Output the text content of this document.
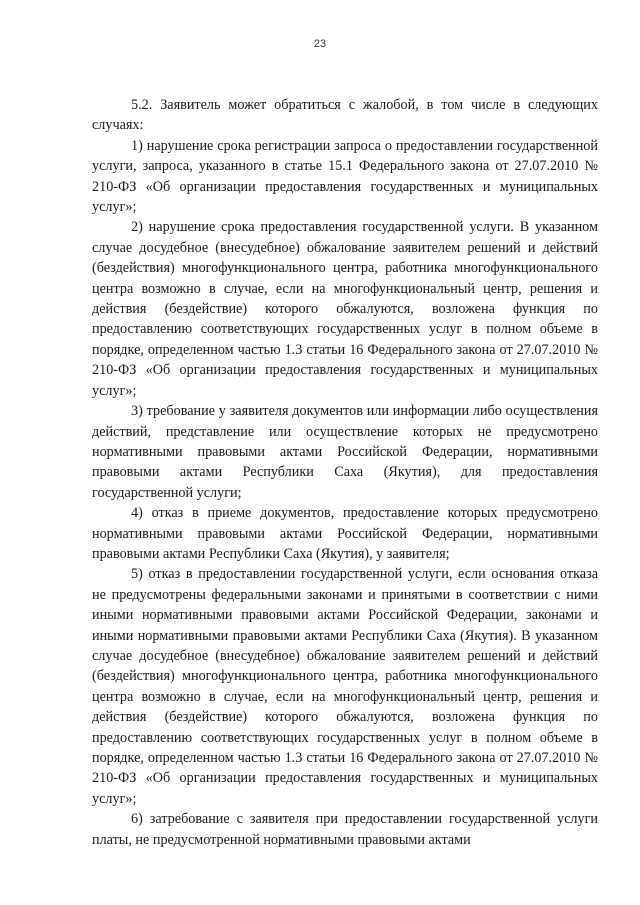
23

5.2. Заявитель может обратиться с жалобой, в том числе в следующих случаях:

1) нарушение срока регистрации запроса о предоставлении государственной услуги, запроса, указанного в статье 15.1 Федерального закона от 27.07.2010 № 210-ФЗ «Об организации предоставления государственных и муниципальных услуг»;

2) нарушение срока предоставления государственной услуги. В указанном случае досудебное (внесудебное) обжалование заявителем решений и действий (бездействия) многофункционального центра, работника многофункционального центра возможно в случае, если на многофункциональный центр, решения и действия (бездействие) которого обжалуются, возложена функция по предоставлению соответствующих государственных услуг в полном объеме в порядке, определенном частью 1.3 статьи 16 Федерального закона от 27.07.2010 № 210-ФЗ «Об организации предоставления государственных и муниципальных услуг»;

3) требование у заявителя документов или информации либо осуществления действий, представление или осуществление которых не предусмотрено нормативными правовыми актами Российской Федерации, нормативными правовыми актами Республики Саха (Якутия), для предоставления государственной услуги;

4) отказ в приеме документов, предоставление которых предусмотрено нормативными правовыми актами Российской Федерации, нормативными правовыми актами Республики Саха (Якутия), у заявителя;

5) отказ в предоставлении государственной услуги, если основания отказа не предусмотрены федеральными законами и принятыми в соответствии с ними иными нормативными правовыми актами Российской Федерации, законами и иными нормативными правовыми актами Республики Саха (Якутия). В указанном случае досудебное (внесудебное) обжалование заявителем решений и действий (бездействия) многофункционального центра, работника многофункционального центра возможно в случае, если на многофункциональный центр, решения и действия (бездействие) которого обжалуются, возложена функция по предоставлению соответствующих государственных услуг в полном объеме в порядке, определенном частью 1.3 статьи 16 Федерального закона от 27.07.2010 № 210-ФЗ «Об организации предоставления государственных и муниципальных услуг»;

6) затребование с заявителя при предоставлении государственной услуги платы, не предусмотренной нормативными правовыми актами
